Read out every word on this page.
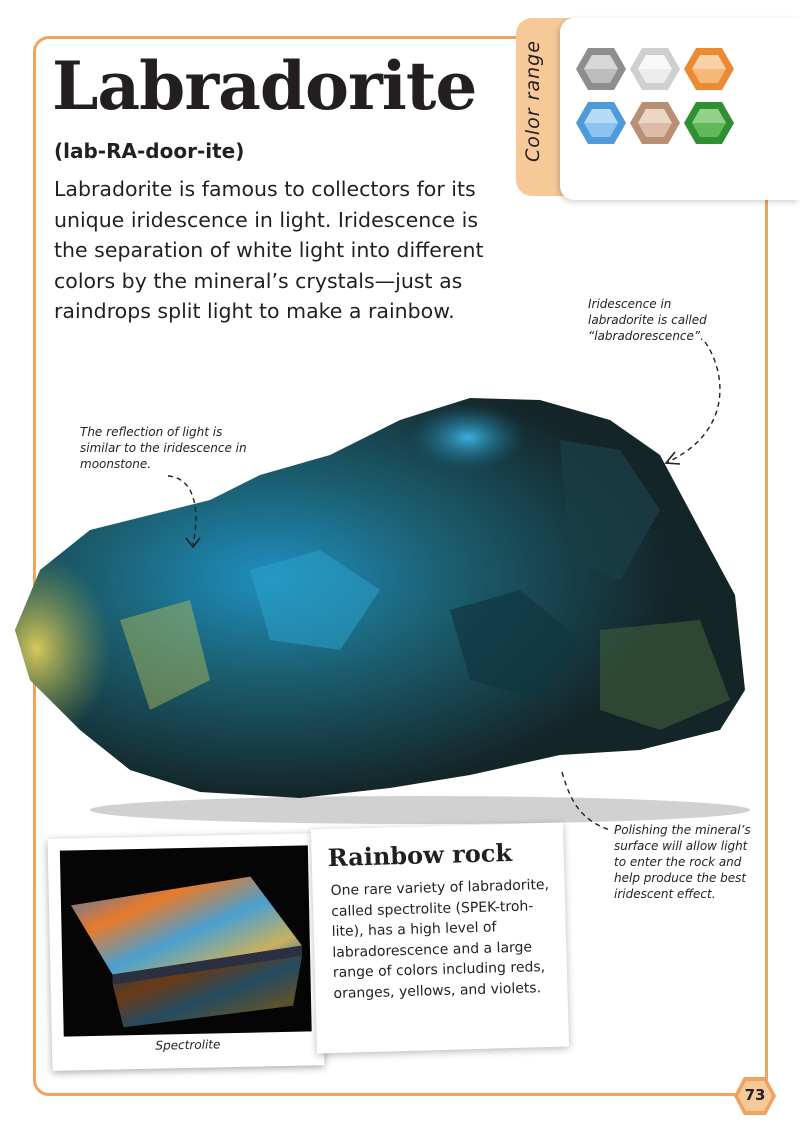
Labradorite
(lab-RA-door-ite)

Labradorite is famous to collectors for its unique iridescence in light. Iridescence is the separation of white light into different colors by the mineral’s crystals—just as raindrops split light to make a rainbow.

Color range
Iridescence in labradorite is called “labradorescence”.
The reflection of light is similar to the iridescence in moonstone.
Polishing the mineral’s surface will allow light to enter the rock and help produce the best iridescent effect.
Spectrolite
Rainbow rock

One rare variety of labradorite, called spectrolite (SPEK-troh-lite), has a high level of labradorescence and a large range of colors including reds, oranges, yellows, and violets.

73
